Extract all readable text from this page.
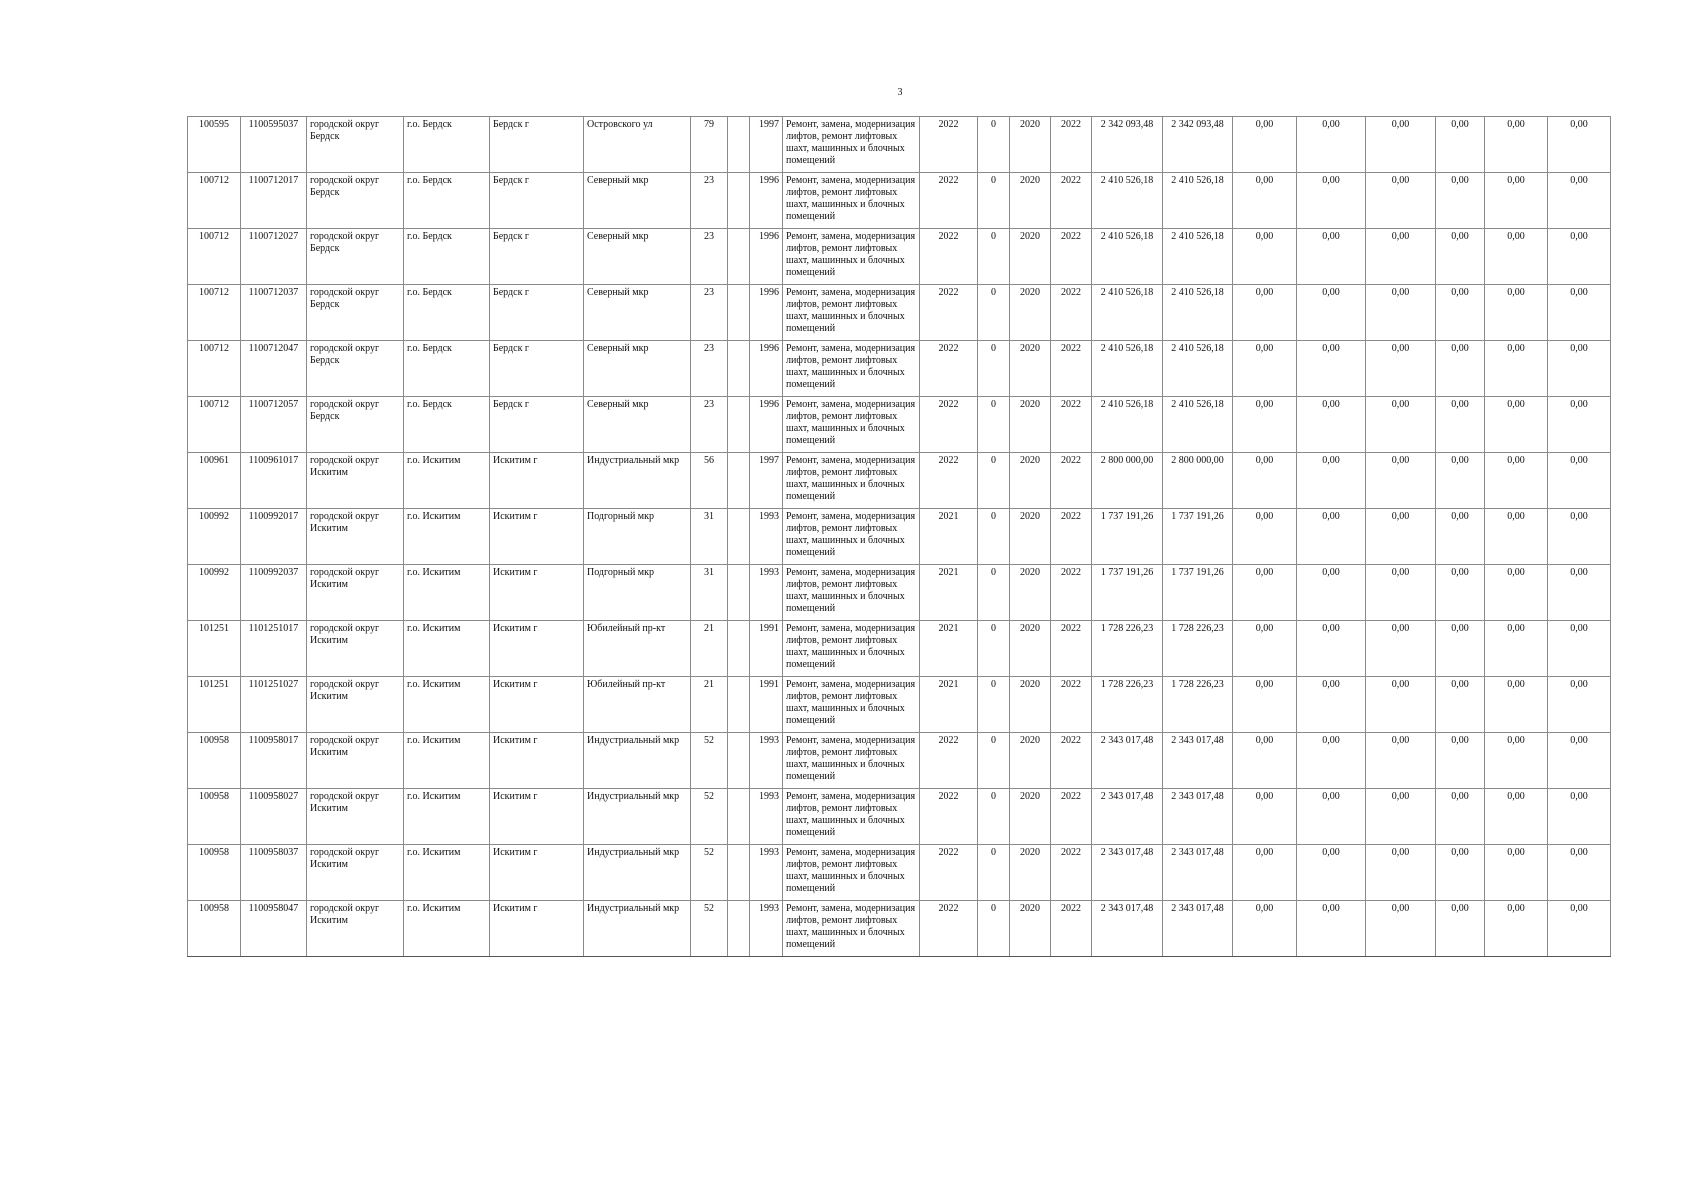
3
100595	1100595037	городской округ Бердск	г.о. Бердск	Бердск г	Островского ул	79		1997	Ремонт, замена, модернизация лифтов, ремонт лифтовых шахт, машинных и блочных помещений	2022	0	2020	2022	2 342 093,48	2 342 093,48	0,00	0,00	0,00	0,00	0,00	0,00
100712	1100712017	городской округ Бердск	г.о. Бердск	Бердск г	Северный мкр	23		1996	Ремонт, замена, модернизация лифтов, ремонт лифтовых шахт, машинных и блочных помещений	2022	0	2020	2022	2 410 526,18	2 410 526,18	0,00	0,00	0,00	0,00	0,00	0,00
100712	1100712027	городской округ Бердск	г.о. Бердск	Бердск г	Северный мкр	23		1996	Ремонт, замена, модернизация лифтов, ремонт лифтовых шахт, машинных и блочных помещений	2022	0	2020	2022	2 410 526,18	2 410 526,18	0,00	0,00	0,00	0,00	0,00	0,00
100712	1100712037	городской округ Бердск	г.о. Бердск	Бердск г	Северный мкр	23		1996	Ремонт, замена, модернизация лифтов, ремонт лифтовых шахт, машинных и блочных помещений	2022	0	2020	2022	2 410 526,18	2 410 526,18	0,00	0,00	0,00	0,00	0,00	0,00
100712	1100712047	городской округ Бердск	г.о. Бердск	Бердск г	Северный мкр	23		1996	Ремонт, замена, модернизация лифтов, ремонт лифтовых шахт, машинных и блочных помещений	2022	0	2020	2022	2 410 526,18	2 410 526,18	0,00	0,00	0,00	0,00	0,00	0,00
100712	1100712057	городской округ Бердск	г.о. Бердск	Бердск г	Северный мкр	23		1996	Ремонт, замена, модернизация лифтов, ремонт лифтовых шахт, машинных и блочных помещений	2022	0	2020	2022	2 410 526,18	2 410 526,18	0,00	0,00	0,00	0,00	0,00	0,00
100961	1100961017	городской округ Искитим	г.о. Искитим	Искитим г	Индустриальный мкр	56		1997	Ремонт, замена, модернизация лифтов, ремонт лифтовых шахт, машинных и блочных помещений	2022	0	2020	2022	2 800 000,00	2 800 000,00	0,00	0,00	0,00	0,00	0,00	0,00
100992	1100992017	городской округ Искитим	г.о. Искитим	Искитим г	Подгорный мкр	31		1993	Ремонт, замена, модернизация лифтов, ремонт лифтовых шахт, машинных и блочных помещений	2021	0	2020	2022	1 737 191,26	1 737 191,26	0,00	0,00	0,00	0,00	0,00	0,00
100992	1100992037	городской округ Искитим	г.о. Искитим	Искитим г	Подгорный мкр	31		1993	Ремонт, замена, модернизация лифтов, ремонт лифтовых шахт, машинных и блочных помещений	2021	0	2020	2022	1 737 191,26	1 737 191,26	0,00	0,00	0,00	0,00	0,00	0,00
101251	1101251017	городской округ Искитим	г.о. Искитим	Искитим г	Юбилейный пр-кт	21		1991	Ремонт, замена, модернизация лифтов, ремонт лифтовых шахт, машинных и блочных помещений	2021	0	2020	2022	1 728 226,23	1 728 226,23	0,00	0,00	0,00	0,00	0,00	0,00
101251	1101251027	городской округ Искитим	г.о. Искитим	Искитим г	Юбилейный пр-кт	21		1991	Ремонт, замена, модернизация лифтов, ремонт лифтовых шахт, машинных и блочных помещений	2021	0	2020	2022	1 728 226,23	1 728 226,23	0,00	0,00	0,00	0,00	0,00	0,00
100958	1100958017	городской округ Искитим	г.о. Искитим	Искитим г	Индустриальный мкр	52		1993	Ремонт, замена, модернизация лифтов, ремонт лифтовых шахт, машинных и блочных помещений	2022	0	2020	2022	2 343 017,48	2 343 017,48	0,00	0,00	0,00	0,00	0,00	0,00
100958	1100958027	городской округ Искитим	г.о. Искитим	Искитим г	Индустриальный мкр	52		1993	Ремонт, замена, модернизация лифтов, ремонт лифтовых шахт, машинных и блочных помещений	2022	0	2020	2022	2 343 017,48	2 343 017,48	0,00	0,00	0,00	0,00	0,00	0,00
100958	1100958037	городской округ Искитим	г.о. Искитим	Искитим г	Индустриальный мкр	52		1993	Ремонт, замена, модернизация лифтов, ремонт лифтовых шахт, машинных и блочных помещений	2022	0	2020	2022	2 343 017,48	2 343 017,48	0,00	0,00	0,00	0,00	0,00	0,00
100958	1100958047	городской округ Искитим	г.о. Искитим	Искитим г	Индустриальный мкр	52		1993	Ремонт, замена, модернизация лифтов, ремонт лифтовых шахт, машинных и блочных помещений	2022	0	2020	2022	2 343 017,48	2 343 017,48	0,00	0,00	0,00	0,00	0,00	0,00
